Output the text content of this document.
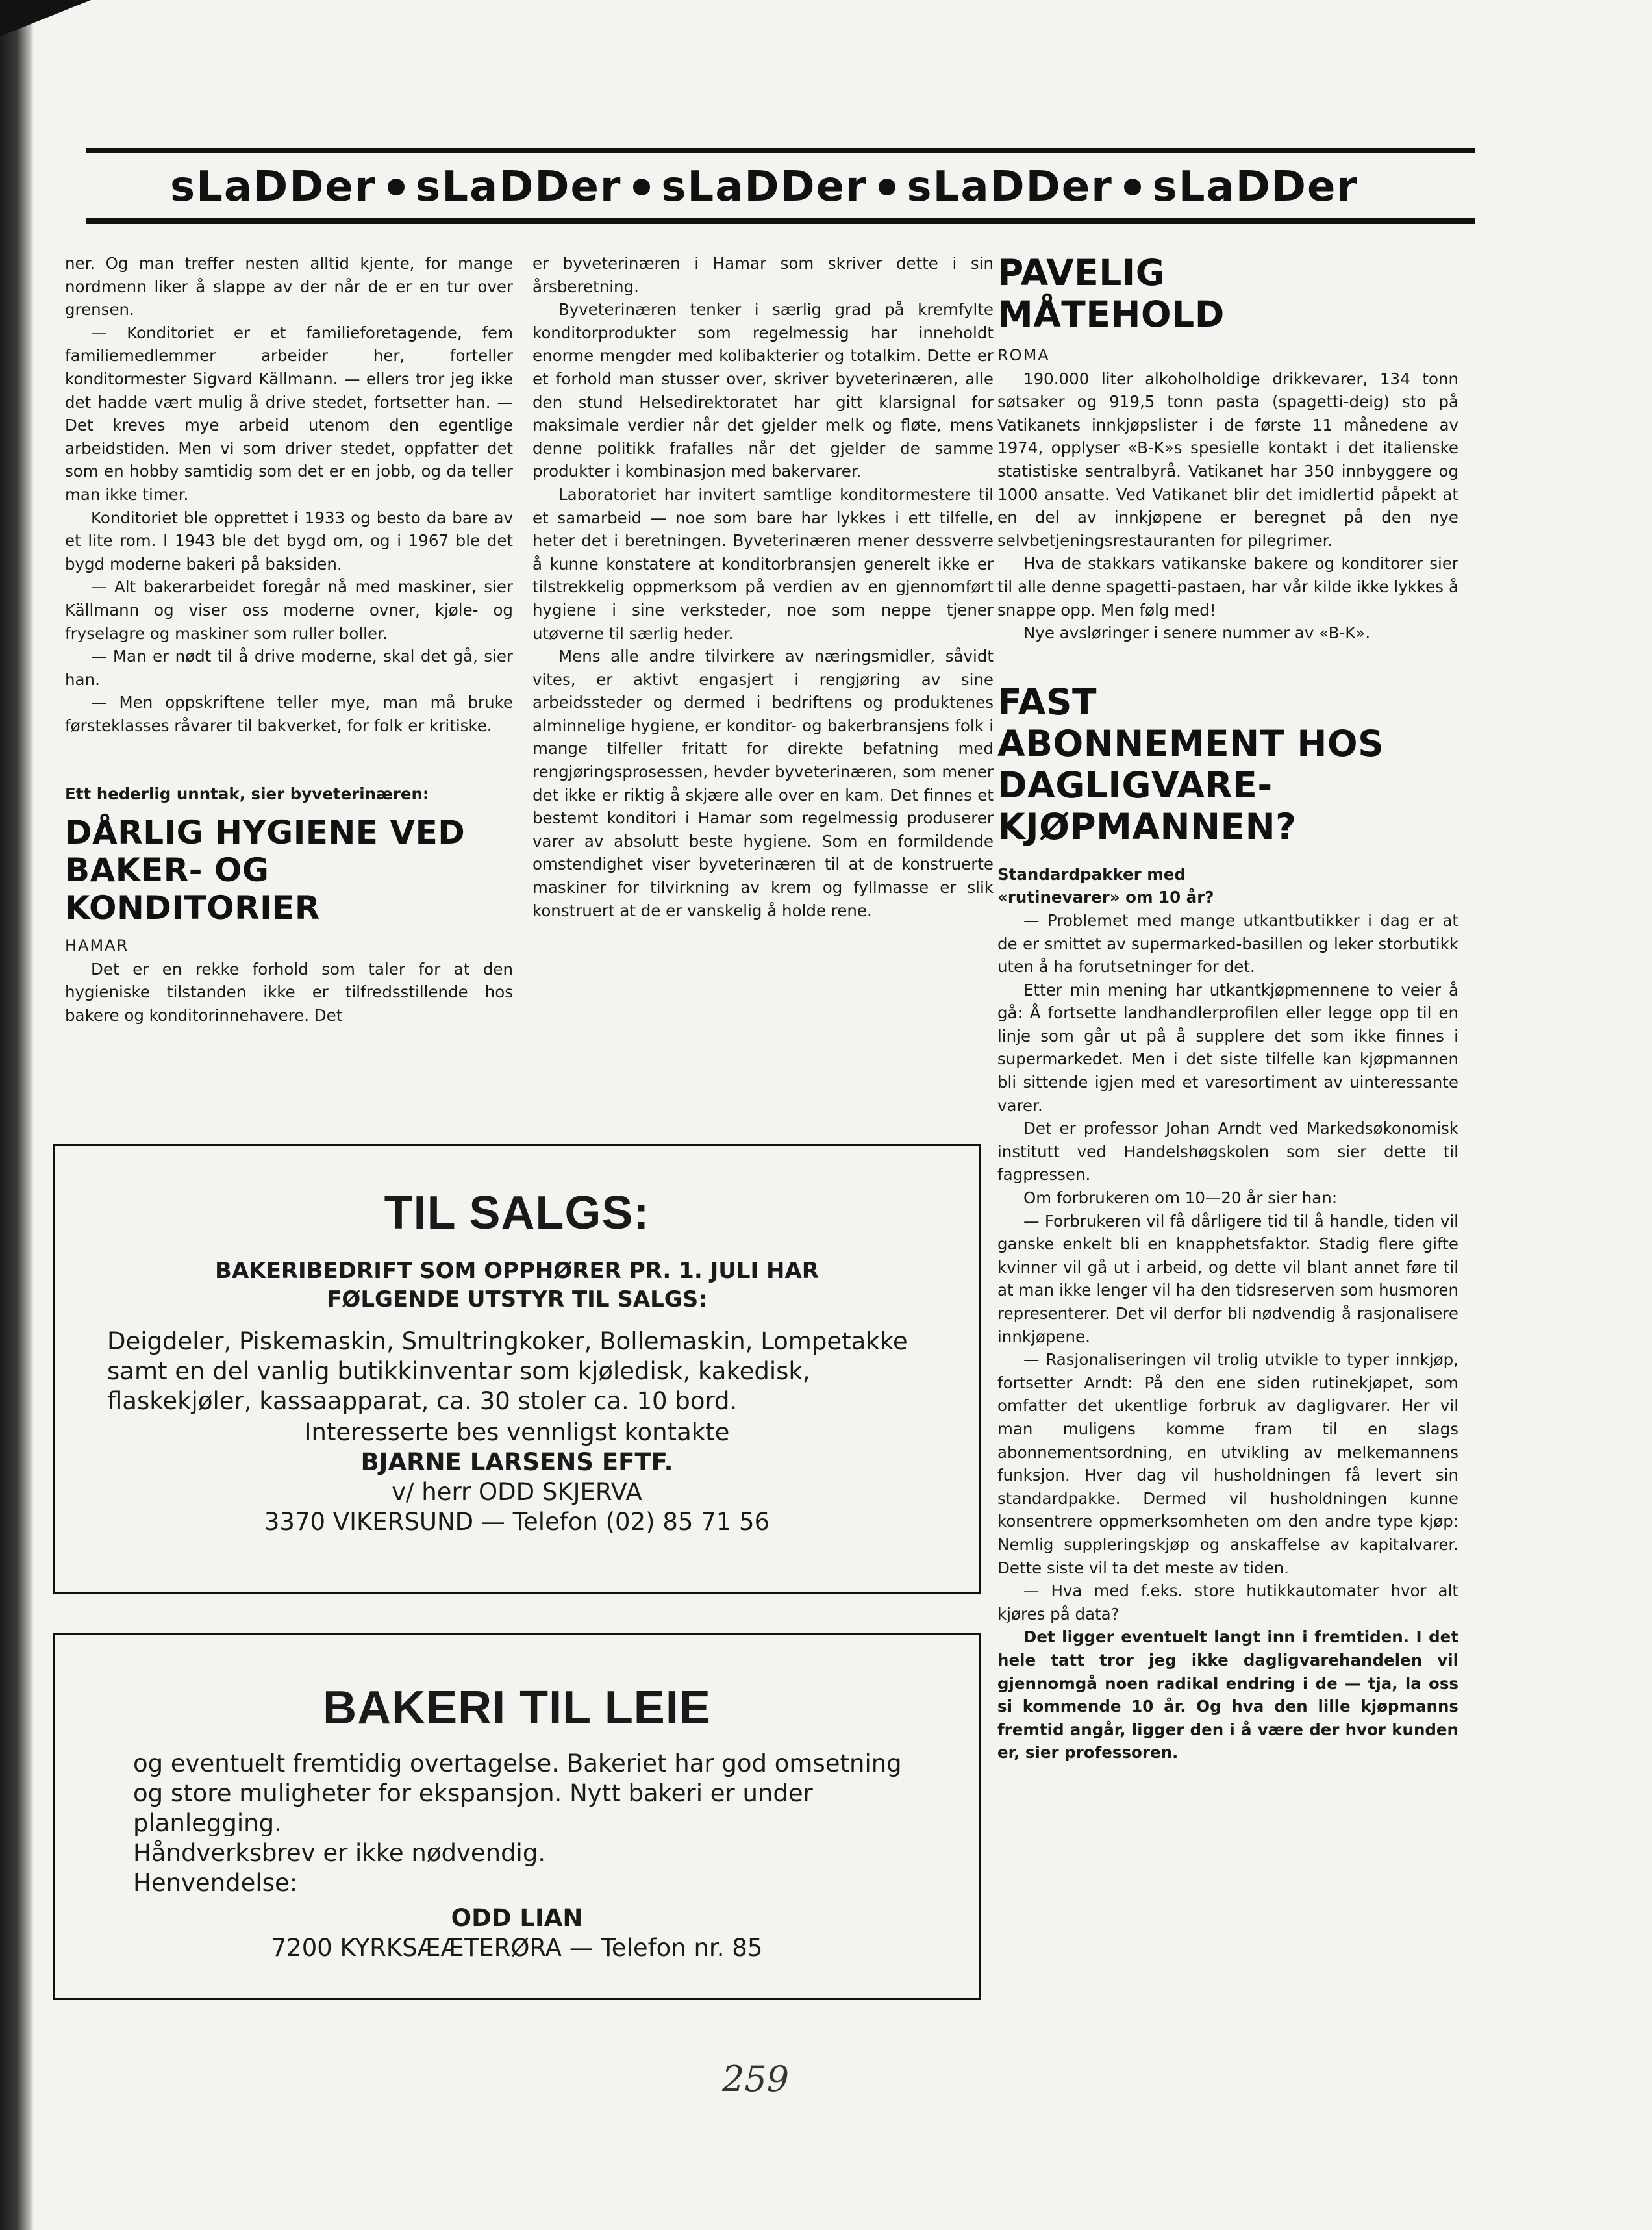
sLaDDer sLaDDer sLaDDer sLaDDer sLaDDer

ner. Og man treffer nesten alltid kjente, for mange nordmenn liker å slappe av der når de er en tur over grensen.

— Konditoriet er et familieforetagende, fem familiemedlemmer arbeider her, forteller konditormester Sigvard Källmann. — ellers tror jeg ikke det hadde vært mulig å drive stedet, fortsetter han. — Det kreves mye arbeid utenom den egentlige arbeidstiden. Men vi som driver stedet, oppfatter det som en hobby samtidig som det er en jobb, og da teller man ikke timer.

Konditoriet ble opprettet i 1933 og besto da bare av et lite rom. I 1943 ble det bygd om, og i 1967 ble det bygd moderne bakeri på baksiden.

— Alt bakerarbeidet foregår nå med maskiner, sier Källmann og viser oss moderne ovner, kjøle- og fryselagre og maskiner som ruller boller.

— Man er nødt til å drive moderne, skal det gå, sier han.

— Men oppskriftene teller mye, man må bruke førsteklasses råvarer til bakverket, for folk er kritiske.

Ett hederlig unntak, sier byveterinæren:

DÅRLIG HYGIENE VED BAKER- OG KONDITORIER

HAMAR

Det er en rekke forhold som taler for at den hygieniske tilstanden ikke er tilfredsstillende hos bakere og konditorinnehavere. Det

er byveterinæren i Hamar som skriver dette i sin årsberetning.

Byveterinæren tenker i særlig grad på kremfylte konditorprodukter som regelmessig har inneholdt enorme mengder med kolibakterier og totalkim. Dette er et forhold man stusser over, skriver byveterinæren, alle den stund Helsedirektoratet har gitt klarsignal for maksimale verdier når det gjelder melk og fløte, mens denne politikk frafalles når det gjelder de samme produkter i kombinasjon med bakervarer.

Laboratoriet har invitert samtlige konditormestere til et samarbeid — noe som bare har lykkes i ett tilfelle, heter det i beretningen. Byveterinæren mener dessverre å kunne konstatere at konditorbransjen generelt ikke er tilstrekkelig oppmerksom på verdien av en gjennomført hygiene i sine verksteder, noe som neppe tjener utøverne til særlig heder.

Mens alle andre tilvirkere av næringsmidler, såvidt vites, er aktivt engasjert i rengjøring av sine arbeidssteder og dermed i bedriftens og produktenes alminnelige hygiene, er konditor- og bakerbransjens folk i mange tilfeller fritatt for direkte befatning med rengjøringsprosessen, hevder byveterinæren, som mener det ikke er riktig å skjære alle over en kam. Det finnes et bestemt konditori i Hamar som regelmessig produserer varer av absolutt beste hygiene. Som en formildende omstendighet viser byveterinæren til at de konstruerte maskiner for tilvirkning av krem og fyllmasse er slik konstruert at de er vanskelig å holde rene.

PAVELIG MÅTEHOLD

ROMA

190.000 liter alkoholholdige drikkevarer, 134 tonn søtsaker og 919,5 tonn pasta (spagetti-deig) sto på Vatikanets innkjøpslister i de første 11 månedene av 1974, opplyser «B-K»s spesielle kontakt i det italienske statistiske sentralbyrå. Vatikanet har 350 innbyggere og 1000 ansatte. Ved Vatikanet blir det imidlertid påpekt at en del av innkjøpene er beregnet på den nye selvbetjeningsrestauranten for pilegrimer.

Hva de stakkars vatikanske bakere og konditorer sier til alle denne spagetti-pastaen, har vår kilde ikke lykkes å snappe opp. Men følg med!

Nye avsløringer i senere nummer av «B-K».

FAST ABONNEMENT HOS DAGLIGVARE-KJØPMANNEN?

Standardpakker med «rutinevarer» om 10 år?

— Problemet med mange utkantbutikker i dag er at de er smittet av supermarked-basillen og leker storbutikk uten å ha forutsetninger for det.

Etter min mening har utkantkjøpmennene to veier å gå: Å fortsette landhandlerprofilen eller legge opp til en linje som går ut på å supplere det som ikke finnes i supermarkedet. Men i det siste tilfelle kan kjøpmannen bli sittende igjen med et varesortiment av uinteressante varer.

Det er professor Johan Arndt ved Markedsøkonomisk institutt ved Handelshøgskolen som sier dette til fagpressen.

Om forbrukeren om 10—20 år sier han:

— Forbrukeren vil få dårligere tid til å handle, tiden vil ganske enkelt bli en knapphetsfaktor. Stadig flere gifte kvinner vil gå ut i arbeid, og dette vil blant annet føre til at man ikke lenger vil ha den tidsreserven som husmoren representerer. Det vil derfor bli nødvendig å rasjonalisere innkjøpene.

— Rasjonaliseringen vil trolig utvikle to typer innkjøp, fortsetter Arndt: På den ene siden rutinekjøpet, som omfatter det ukentlige forbruk av dagligvarer. Her vil man muligens komme fram til en slags abonnementsordning, en utvikling av melkemannens funksjon. Hver dag vil husholdningen få levert sin standardpakke. Dermed vil husholdningen kunne konsentrere oppmerksomheten om den andre type kjøp: Nemlig suppleringskjøp og anskaffelse av kapitalvarer. Dette siste vil ta det meste av tiden.

— Hva med f.eks. store hutikkautomater hvor alt kjøres på data?

Det ligger eventuelt langt inn i fremtiden. I det hele tatt tror jeg ikke dagligvarehandelen vil gjennomgå noen radikal endring i de — tja, la oss si kommende 10 år. Og hva den lille kjøpmanns fremtid angår, ligger den i å være der hvor kunden er, sier professoren.

TIL SALGS:
BAKERIBEDRIFT SOM OPPHØRER PR. 1. JULI HAR FØLGENDE UTSTYR TIL SALGS:
Deigdeler, Piskemaskin, Smultringkoker, Bollemaskin, Lompetakke samt en del vanlig butikkinventar som kjøledisk, kakedisk, flaskekjøler, kassaapparat, ca. 30 stoler ca. 10 bord.
Interesserte bes vennligst kontakte
BJARNE LARSENS EFTF.
v/ herr ODD SKJERVA
3370 VIKERSUND — Telefon (02) 85 71 56
BAKERI TIL LEIE
og eventuelt fremtidig overtagelse. Bakeriet har god omsetning og store muligheter for ekspansjon. Nytt bakeri er under planlegging.
Håndverksbrev er ikke nødvendig.
Henvendelse:
ODD LIAN
7200 KYRKSÆÆTERØRA — Telefon nr. 85
259
